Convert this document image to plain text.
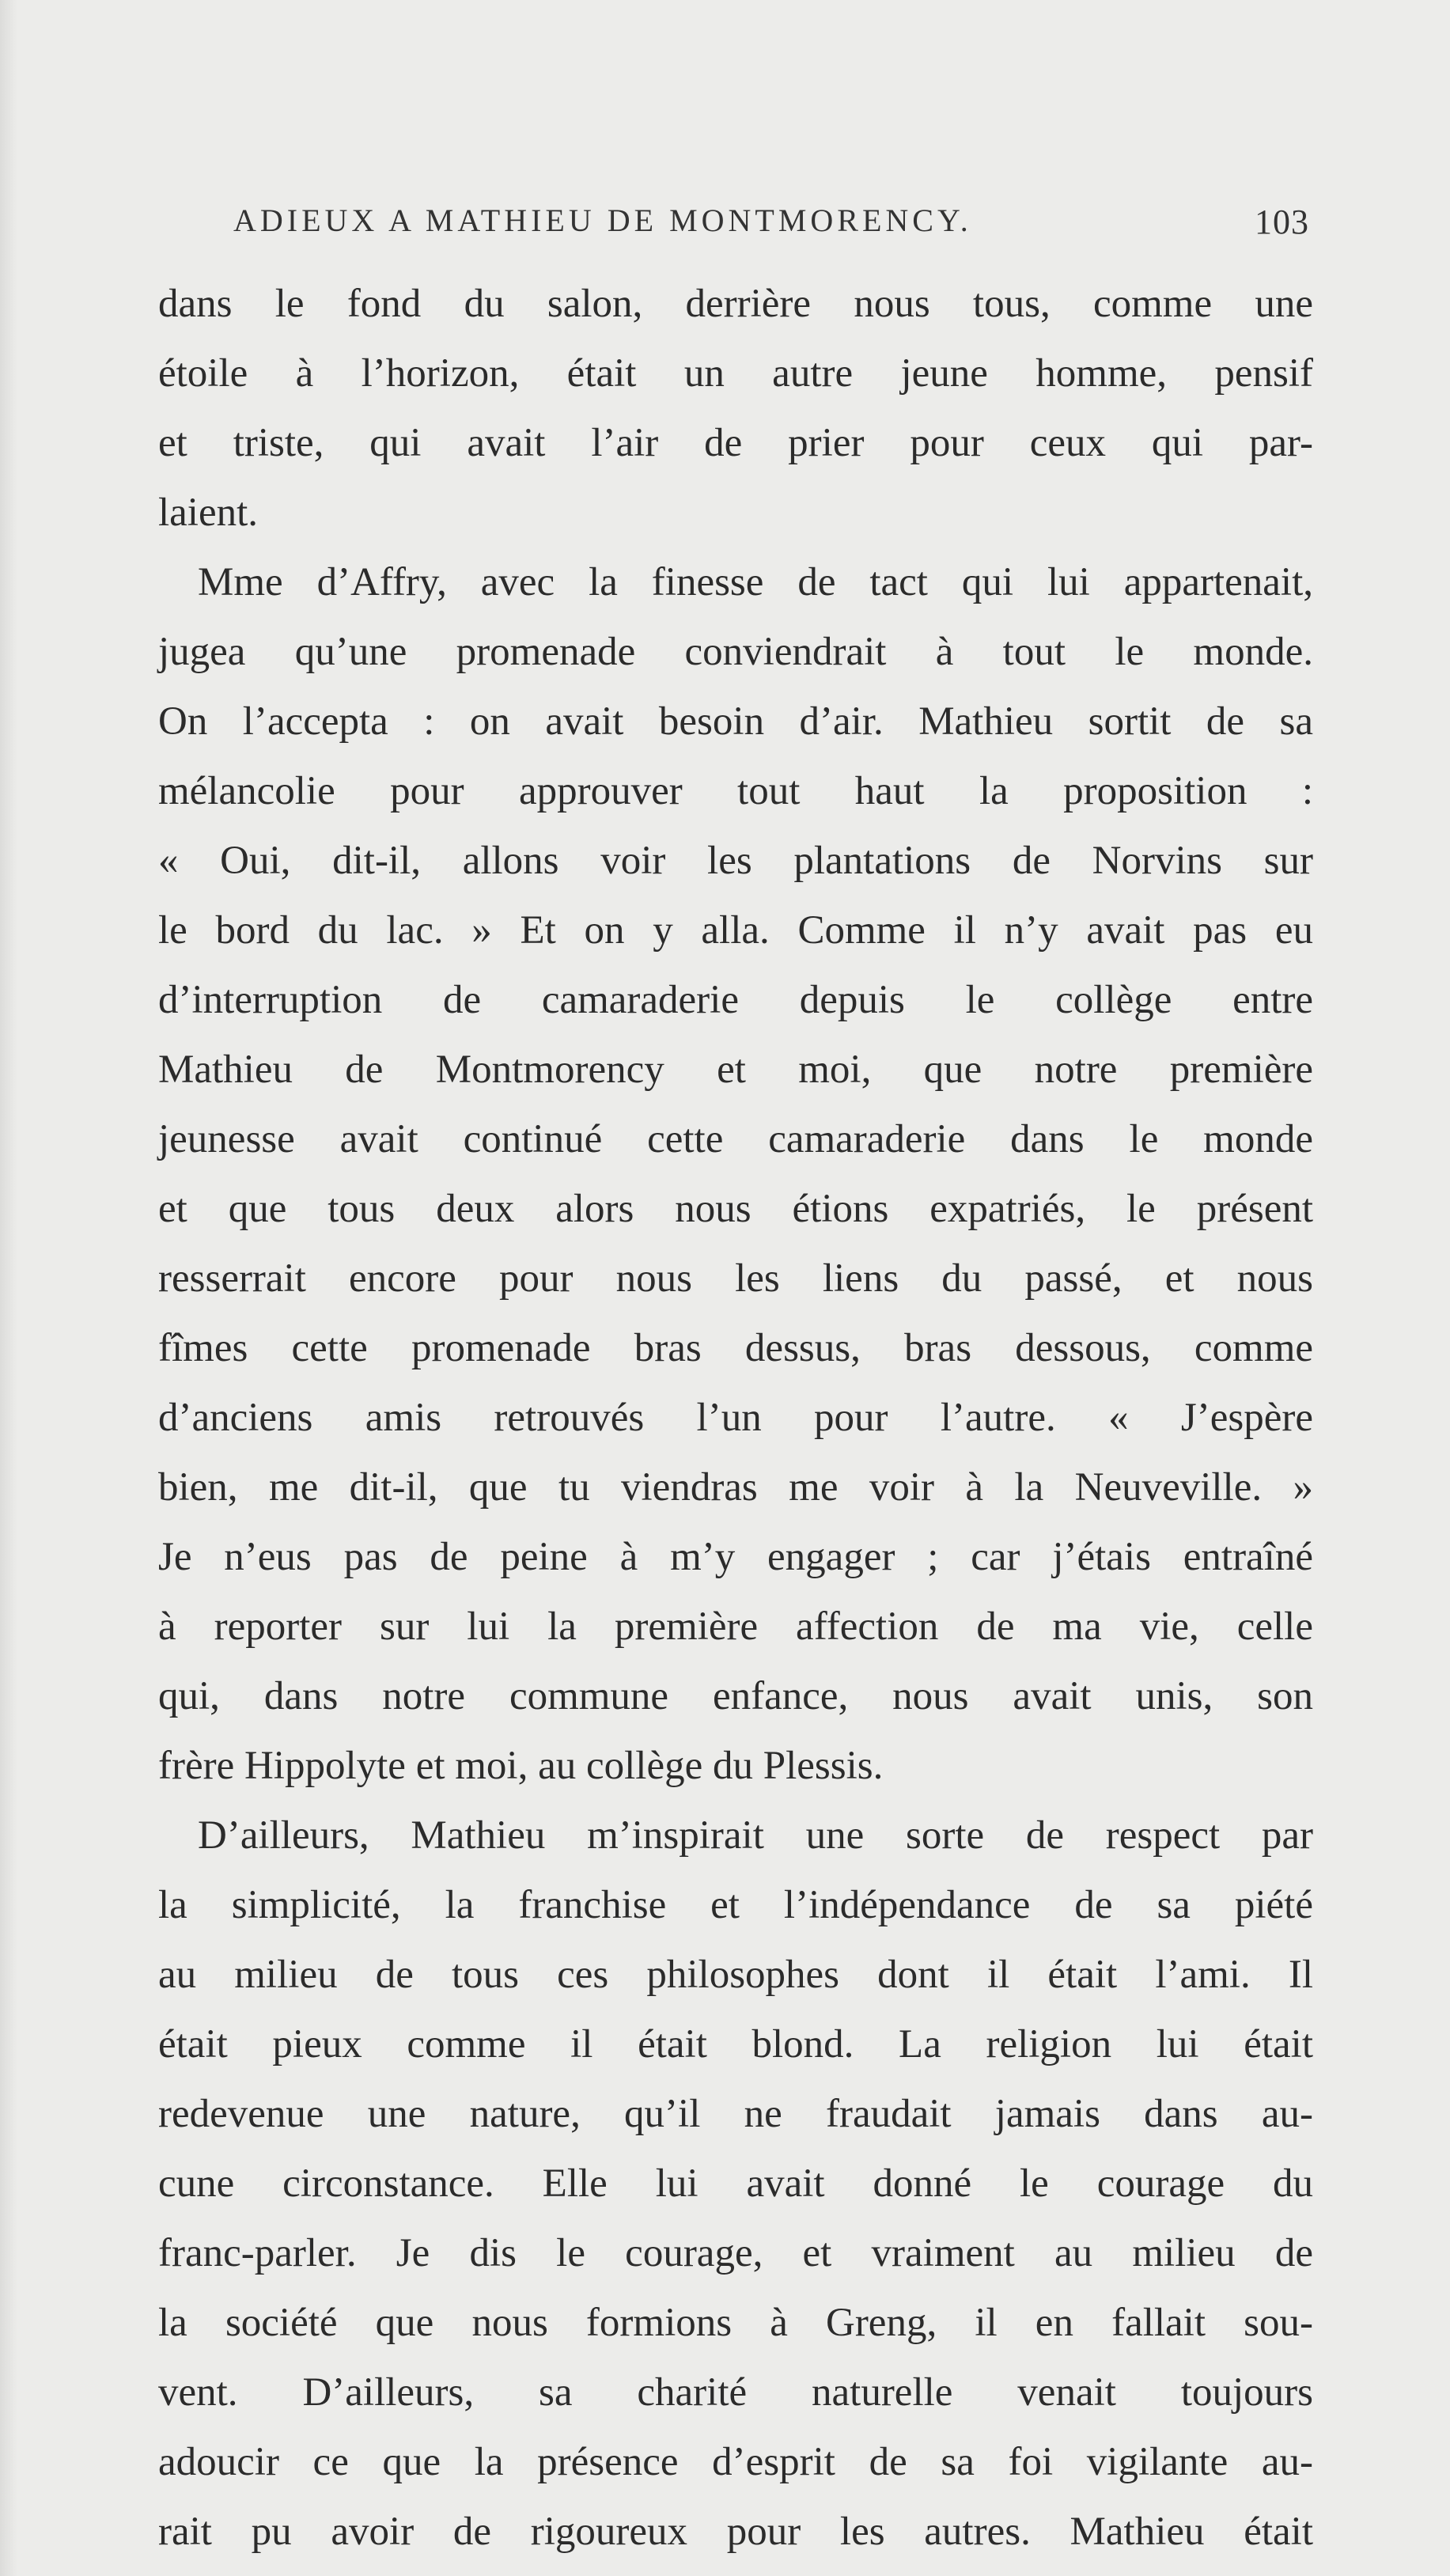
ADIEUX A MATHIEU DE MONTMORENCY.	103
dans le fond du salon, derrière nous tous, comme une
étoile à l’horizon, était un autre jeune homme, pensif
et triste, qui avait l’air de prier pour ceux qui par-
laient.
Mme d’Affry, avec la finesse de tact qui lui appartenait,
jugea qu’une promenade conviendrait à tout le monde.
On l’accepta : on avait besoin d’air. Mathieu sortit de sa
mélancolie pour approuver tout haut la proposition :
« Oui, dit-il, allons voir les plantations de Norvins sur
le bord du lac. » Et on y alla. Comme il n’y avait pas eu
d’interruption de camaraderie depuis le collège entre
Mathieu de Montmorency et moi, que notre première
jeunesse avait continué cette camaraderie dans le monde
et que tous deux alors nous étions expatriés, le présent
resserrait encore pour nous les liens du passé, et nous
fîmes cette promenade bras dessus, bras dessous, comme
d’anciens amis retrouvés l’un pour l’autre. « J’espère
bien, me dit-il, que tu viendras me voir à la Neuveville. »
Je n’eus pas de peine à m’y engager ; car j’étais entraîné
à reporter sur lui la première affection de ma vie, celle
qui, dans notre commune enfance, nous avait unis, son
frère Hippolyte et moi, au collège du Plessis.
D’ailleurs, Mathieu m’inspirait une sorte de respect par
la simplicité, la franchise et l’indépendance de sa piété
au milieu de tous ces philosophes dont il était l’ami. Il
était pieux comme il était blond. La religion lui était
redevenue une nature, qu’il ne fraudait jamais dans au-
cune circonstance. Elle lui avait donné le courage du
franc-parler. Je dis le courage, et vraiment au milieu de
la société que nous formions à Greng, il en fallait sou-
vent. D’ailleurs, sa charité naturelle venait toujours
adoucir ce que la présence d’esprit de sa foi vigilante au-
rait pu avoir de rigoureux pour les autres. Mathieu était
